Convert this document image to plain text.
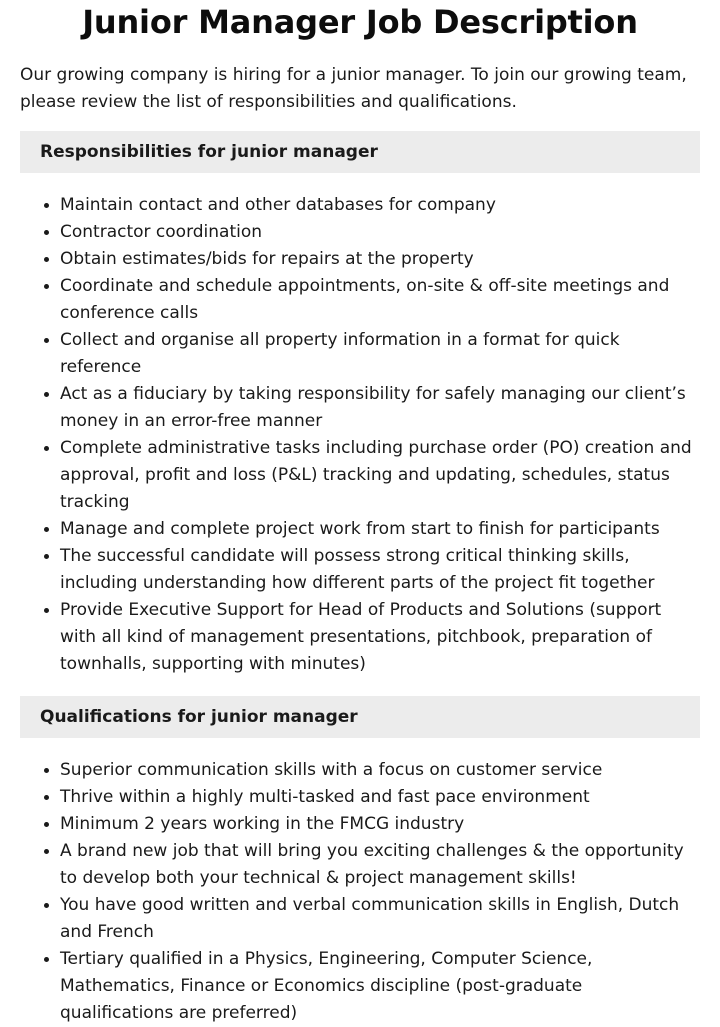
Junior Manager Job Description

Our growing company is hiring for a junior manager. To join our growing team, please review the list of responsibilities and qualifications.

Responsibilities for junior manager
• Maintain contact and other databases for company
• Contractor coordination
• Obtain estimates/bids for repairs at the property
• Coordinate and schedule appointments, on-site & off-site meetings and conference calls
• Collect and organise all property information in a format for quick reference
• Act as a fiduciary by taking responsibility for safely managing our client’s money in an error-free manner
• Complete administrative tasks including purchase order (PO) creation and approval, profit and loss (P&L) tracking and updating, schedules, status tracking
• Manage and complete project work from start to finish for participants
• The successful candidate will possess strong critical thinking skills, including understanding how different parts of the project fit together
• Provide Executive Support for Head of Products and Solutions (support with all kind of management presentations, pitchbook, preparation of townhalls, supporting with minutes)
Qualifications for junior manager
• Superior communication skills with a focus on customer service
• Thrive within a highly multi-tasked and fast pace environment
• Minimum 2 years working in the FMCG industry
• A brand new job that will bring you exciting challenges & the opportunity to develop both your technical & project management skills!
• You have good written and verbal communication skills in English, Dutch and French
• Tertiary qualified in a Physics, Engineering, Computer Science, Mathematics, Finance or Economics discipline (post-graduate qualifications are preferred)
